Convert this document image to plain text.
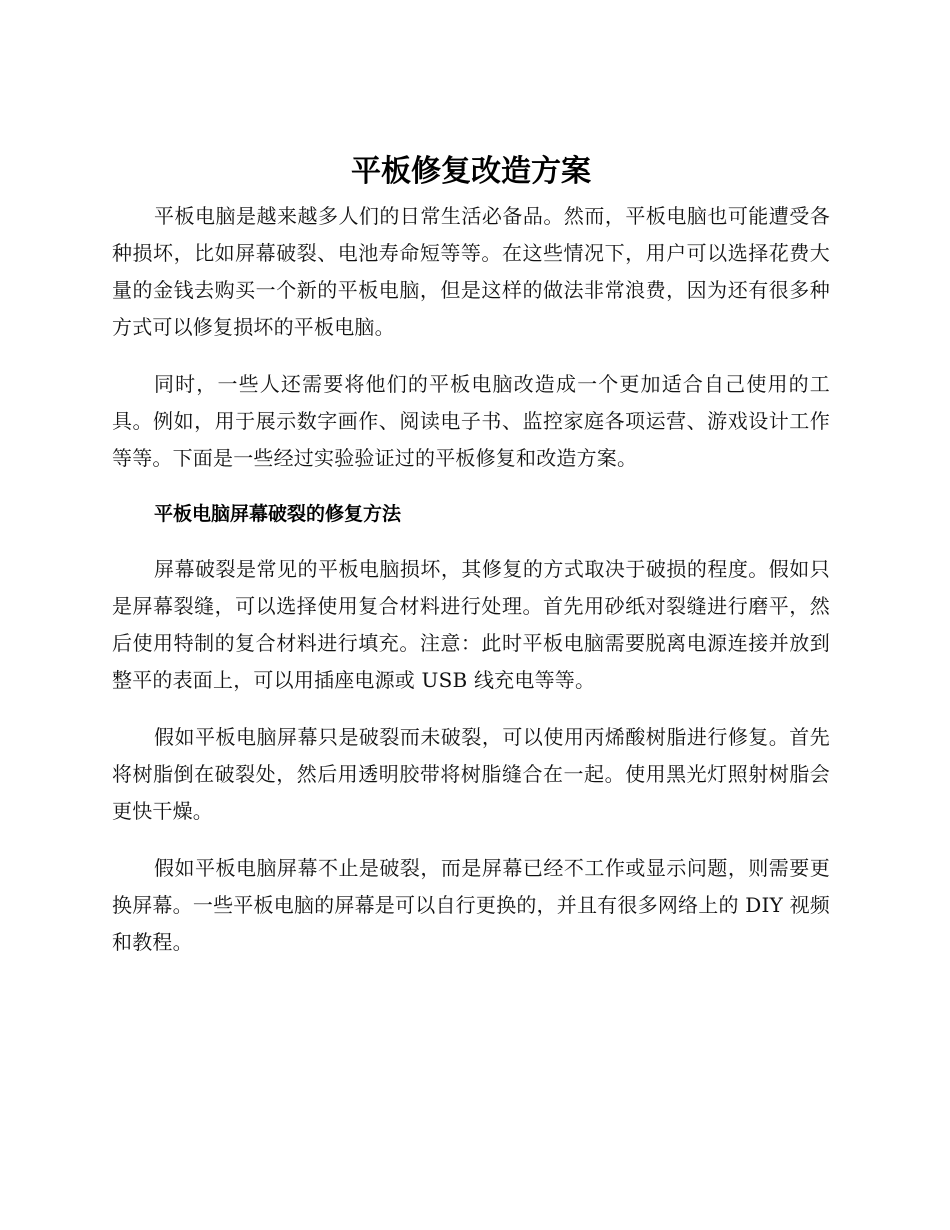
平板修复改造方案

平板电脑是越来越多人们的日常生活必备品。然而，平板电脑也可能遭受各种损坏，比如屏幕破裂、电池寿命短等等。在这些情况下，用户可以选择花费大量的金钱去购买一个新的平板电脑，但是这样的做法非常浪费，因为还有很多种方式可以修复损坏的平板电脑。

同时，一些人还需要将他们的平板电脑改造成一个更加适合自己使用的工具。例如，用于展示数字画作、阅读电子书、监控家庭各项运营、游戏设计工作等等。下面是一些经过实验验证过的平板修复和改造方案。

平板电脑屏幕破裂的修复方法

屏幕破裂是常见的平板电脑损坏，其修复的方式取决于破损的程度。假如只是屏幕裂缝，可以选择使用复合材料进行处理。首先用砂纸对裂缝进行磨平，然后使用特制的复合材料进行填充。注意：此时平板电脑需要脱离电源连接并放到整平的表面上，可以用插座电源或 USB 线充电等等。

假如平板电脑屏幕只是破裂而未破裂，可以使用丙烯酸树脂进行修复。首先将树脂倒在破裂处，然后用透明胶带将树脂缝合在一起。使用黑光灯照射树脂会更快干燥。

假如平板电脑屏幕不止是破裂，而是屏幕已经不工作或显示问题，则需要更换屏幕。一些平板电脑的屏幕是可以自行更换的，并且有很多网络上的 DIY 视频和教程。
